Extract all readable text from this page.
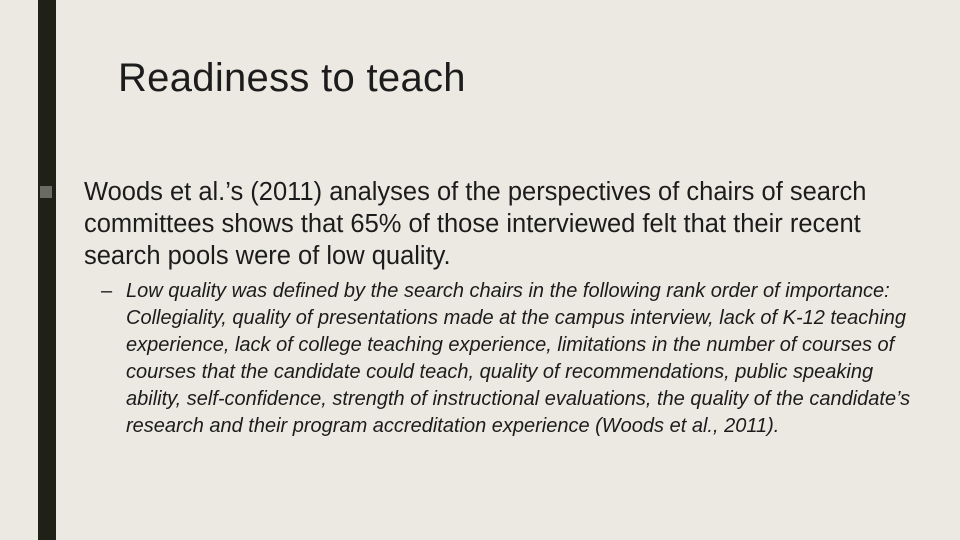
Readiness to teach

Woods et al.’s (2011) analyses of the perspectives of chairs of search committees shows that 65% of those interviewed felt that their recent search pools were of low quality.

– Low quality was defined by the search chairs in the following rank order of importance: Collegiality, quality of presentations made at the campus interview, lack of K-12 teaching experience, lack of college teaching experience, limitations in the number of courses of courses that the candidate could teach, quality of recommendations, public speaking ability, self-confidence, strength of instructional evaluations, the quality of the candidate’s research and their program accreditation experience (Woods et al., 2011).
